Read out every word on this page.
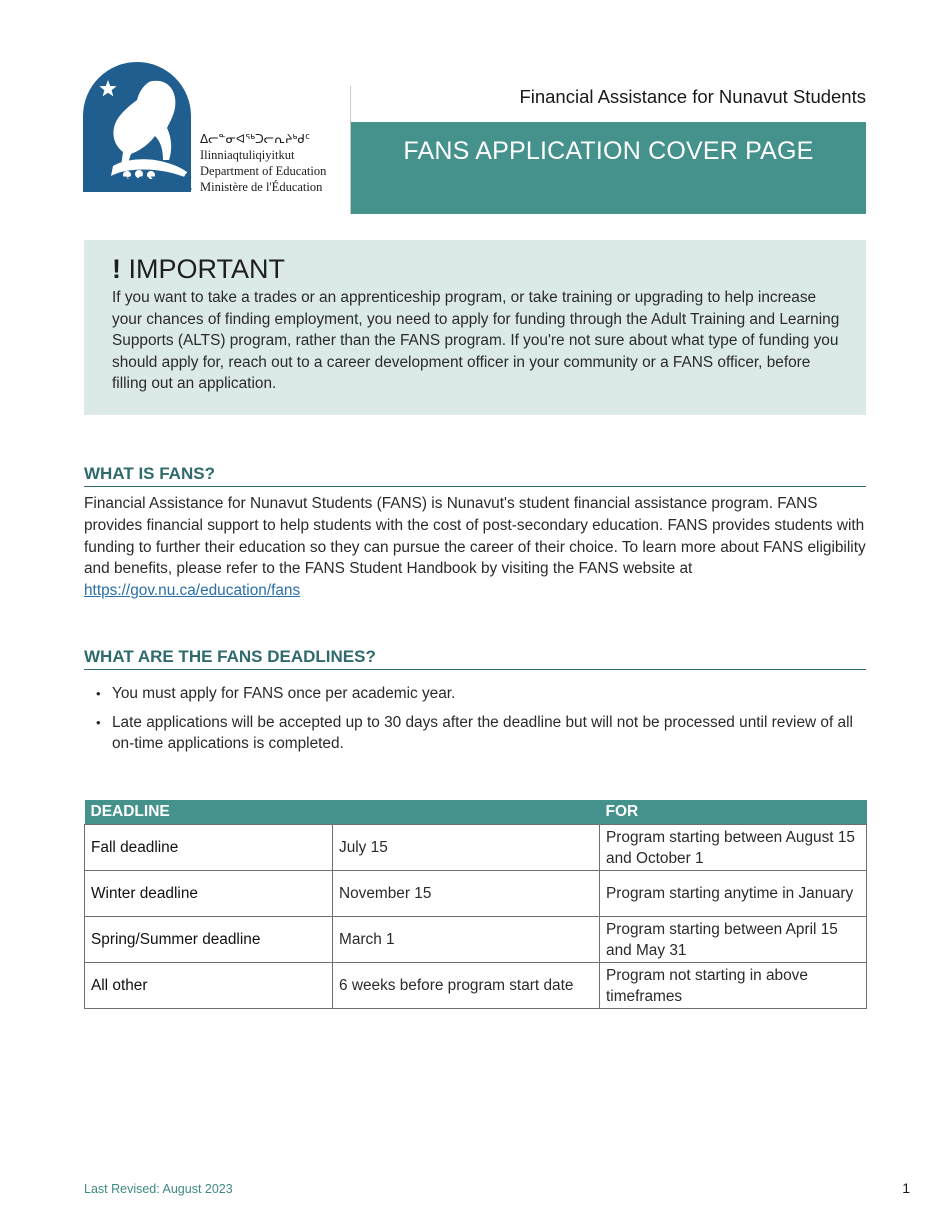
ᐃᓕᓐᓂᐊᖅᑐᓕᕆᔨᒃᑯᑦ
Ilinniaqtuliqiyitkut
Department of Education
Ministère de l'Éducation
Nunavut
Financial Assistance for Nunavut Students
FANS APPLICATION COVER PAGE
! IMPORTANT
If you want to take a trades or an apprenticeship program, or take training or upgrading to help increase your chances of finding employment, you need to apply for funding through the Adult Training and Learning Supports (ALTS) program, rather than the FANS program. If you're not sure about what type of funding you should apply for, reach out to a career development officer in your community or a FANS officer, before filling out an application.
WHAT IS FANS?
Financial Assistance for Nunavut Students (FANS) is Nunavut's student financial assistance program. FANS provides financial support to help students with the cost of post-secondary education. FANS provides students with funding to further their education so they can pursue the career of their choice. To learn more about FANS eligibility and benefits, please refer to the FANS Student Handbook by visiting the FANS website at https://gov.nu.ca/education/fans
WHAT ARE THE FANS DEADLINES?
• You must apply for FANS once per academic year.
• Late applications will be accepted up to 30 days after the deadline but will not be processed until review of all on-time applications is completed.
DEADLINE		FOR
Fall deadline	July 15	Program starting between August 15 and October 1
Winter deadline	November 15	Program starting anytime in January
Spring/Summer deadline	March 1	Program starting between April 15 and May 31
All other	6 weeks before program start date	Program not starting in above timeframes
Last Revised: August 2023	1
